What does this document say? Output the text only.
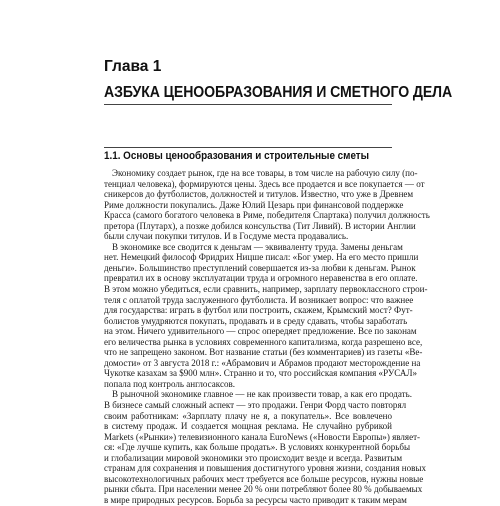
Глава 1
АЗБУКА ЦЕНООБРАЗОВАНИЯ И СМЕТНОГО ДЕЛА
1.1. Основы ценообразования и строительные сметы
Экономику создает рынок, где на все товары, в том числе на рабочую силу (по-
тенциал человека), формируются цены. Здесь все продается и все покупается — от
сникерсов до футболистов, должностей и титулов. Известно, что уже в Древнем
Риме должности покупались. Даже Юлий Цезарь при финансовой поддержке
Красса (самого богатого человека в Риме, победителя Спартака) получил должность
претора (Плутарх), а позже добился консульства (Тит Ливий). В истории Англии
были случаи покупки титулов. И в Госдуме места продавались.
В экономике все сводится к деньгам — эквиваленту труда. Замены деньгам
нет. Немецкий философ Фридрих Ницше писал: «Бог умер. На его место пришли
деньги». Большинство преступлений совершается из-за любви к деньгам. Рынок
превратил их в основу эксплуатации труда и огромного неравенства в его оплате.
В этом можно убедиться, если сравнить, например, зарплату первоклассного строи-
теля с оплатой труда заслуженного футболиста. И возникает вопрос: что важнее
для государства: играть в футбол или построить, скажем, Крымский мост? Фут-
болистов умудряются покупать, продавать и в среду сдавать, чтобы заработать
на этом. Ничего удивительного — спрос опередяет предложение. Все по законам
его величества рынка в условиях современного капитализма, когда разрешено все,
что не запрещено законом. Вот название статьи (без комментариев) из газеты «Ве-
домости» от 3 августа 2018 г.: «Абрамович и Абрамов продают месторождение на
Чукотке казахам за $900 млн». Странно и то, что российская компания «РУСАЛ»
попала под контроль англосаксов.
В рыночной экономике главное — не как произвести товар, а как его продать.
В бизнесе самый сложный аспект — это продажи. Генри Форд часто повторял
своим работникам: «Зарплату плачу не я, а покупатель». Все вовлечено
в систему продаж. И создается мощная реклама. Не случайно рубрикой
Markets («Рынки») телевизионного канала EuroNews («Новости Европы») являет-
ся: «Где лучше купить, как больше продать». В условиях конкурентной борьбы
и глобализации мировой экономики это происходит везде и всегда. Развитым
странам для сохранения и повышения достигнутого уровня жизни, создания новых
высокотехнологичных рабочих мест требуется все больше ресурсов, нужны новые
рынки сбыта. При населении менее 20 % они потребляют более 80 % добываемых
в мире природных ресурсов. Борьба за ресурсы часто приводит к таким мерам
